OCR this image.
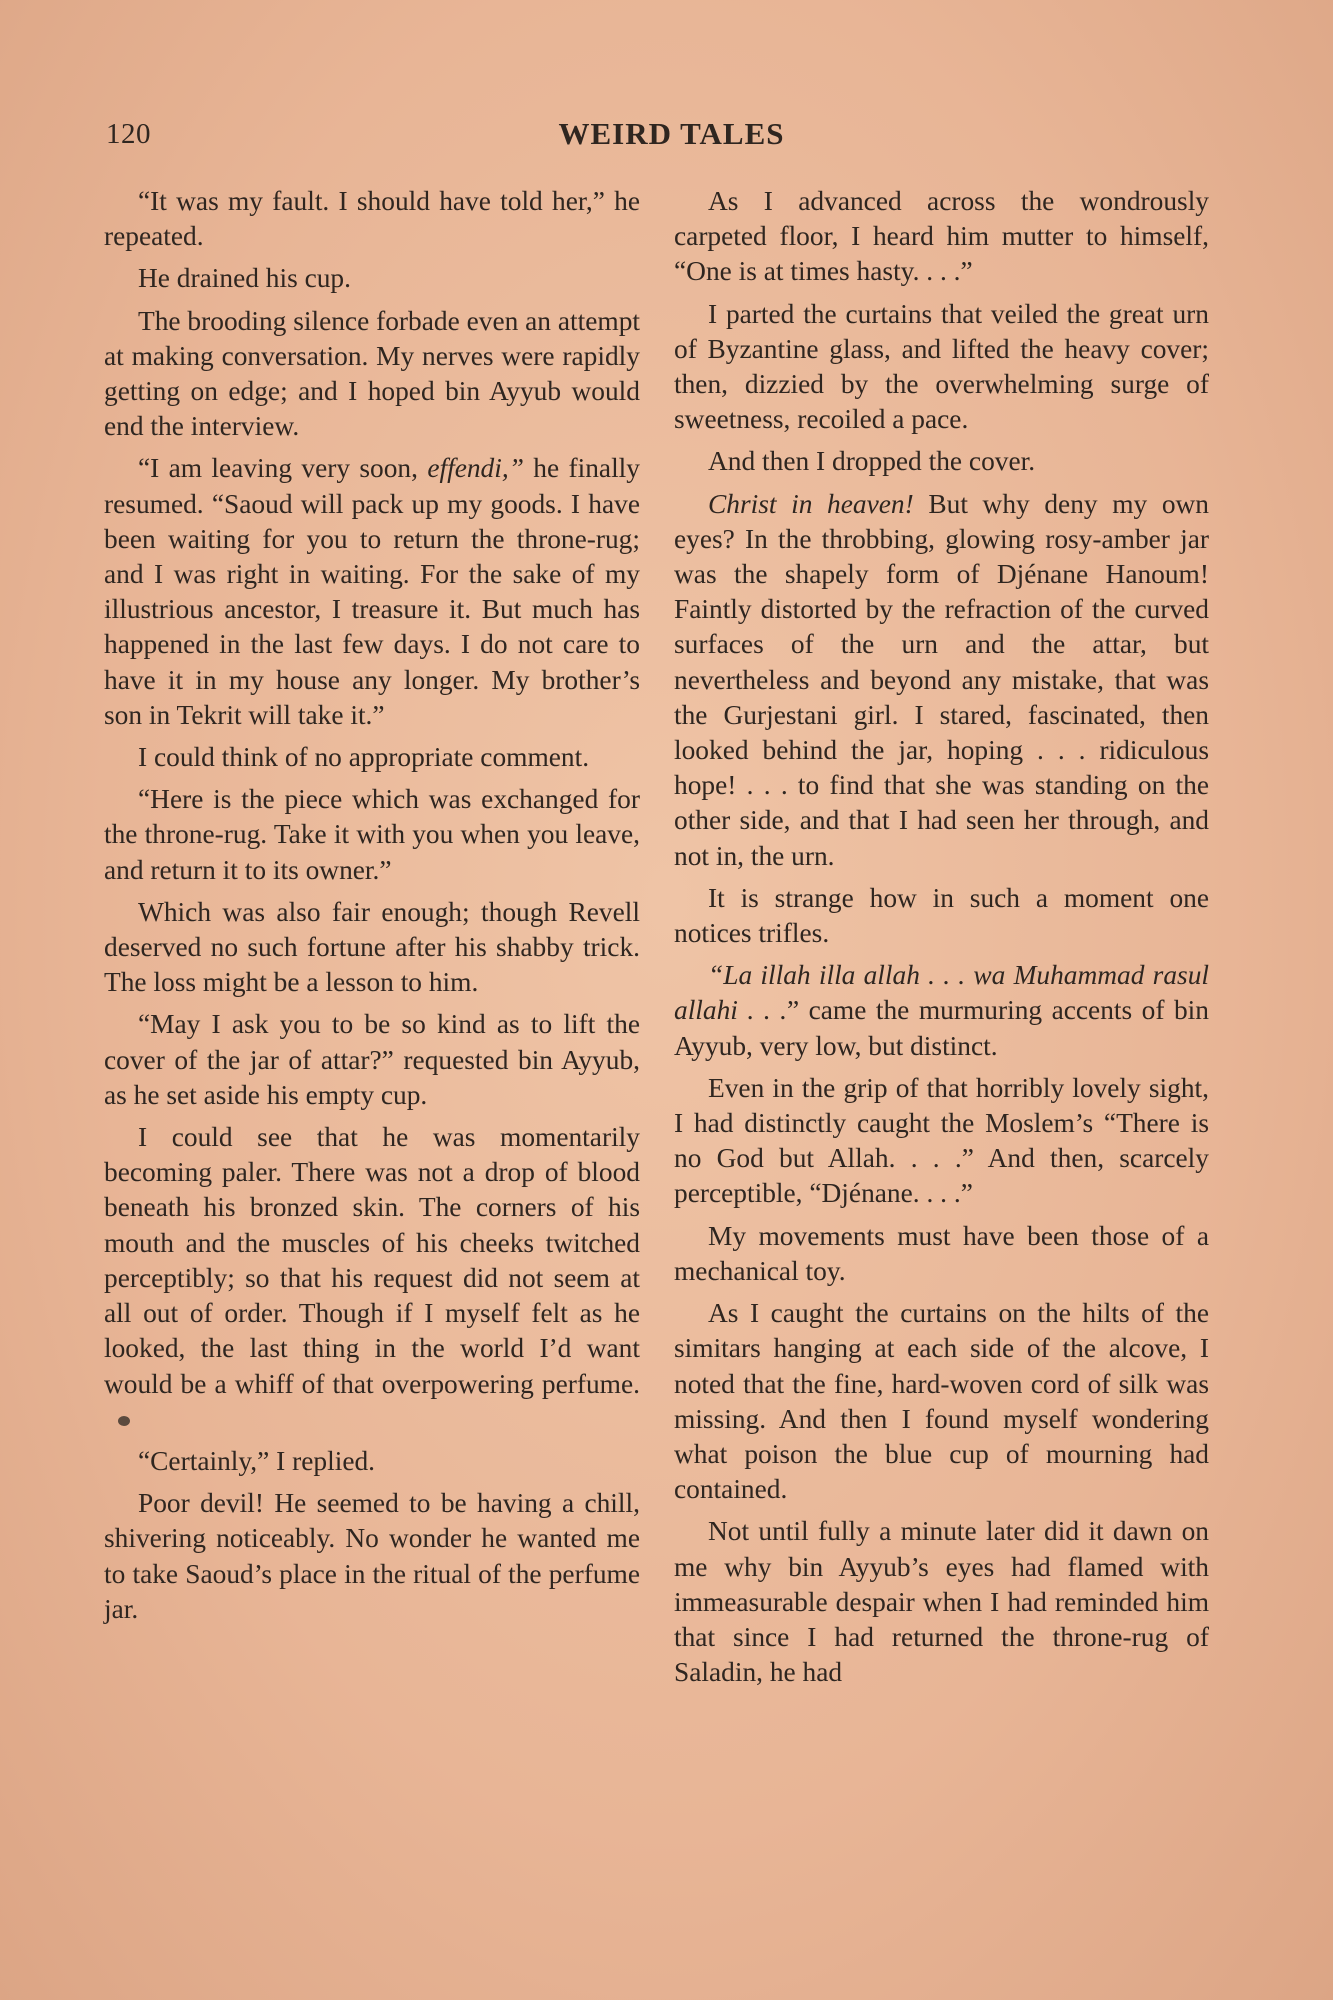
120	WEIRD TALES

“It was my fault. I should have told her,” he repeated.

He drained his cup.

The brooding silence forbade even an attempt at making conversation. My nerves were rapidly getting on edge; and I hoped bin Ayyub would end the interview.

“I am leaving very soon, effendi,” he finally resumed. “Saoud will pack up my goods. I have been waiting for you to return the throne-rug; and I was right in waiting. For the sake of my illustrious ancestor, I treasure it. But much has happened in the last few days. I do not care to have it in my house any longer. My brother’s son in Tekrit will take it.”

I could think of no appropriate comment.

“Here is the piece which was exchanged for the throne-rug. Take it with you when you leave, and return it to its owner.”

Which was also fair enough; though Revell deserved no such fortune after his shabby trick. The loss might be a lesson to him.

“May I ask you to be so kind as to lift the cover of the jar of attar?” requested bin Ayyub, as he set aside his empty cup.

I could see that he was momentarily becoming paler. There was not a drop of blood beneath his bronzed skin. The corners of his mouth and the muscles of his cheeks twitched perceptibly; so that his request did not seem at all out of order. Though if I myself felt as he looked, the last thing in the world I’d want would be a whiff of that overpowering perfume.

“Certainly,” I replied.

Poor devil! He seemed to be having a chill, shivering noticeably. No wonder he wanted me to take Saoud’s place in the ritual of the perfume jar.

As I advanced across the wondrously carpeted floor, I heard him mutter to himself, “One is at times hasty. . . .”

I parted the curtains that veiled the great urn of Byzantine glass, and lifted the heavy cover; then, dizzied by the overwhelming surge of sweetness, recoiled a pace.

And then I dropped the cover.

Christ in heaven! But why deny my own eyes? In the throbbing, glowing rosy-amber jar was the shapely form of Djénane Hanoum! Faintly distorted by the refraction of the curved surfaces of the urn and the attar, but nevertheless and beyond any mistake, that was the Gurjestani girl. I stared, fascinated, then looked behind the jar, hoping . . . ridiculous hope! . . . to find that she was standing on the other side, and that I had seen her through, and not in, the urn.

It is strange how in such a moment one notices trifles.

“La illah illa allah . . . wa Muhammad rasul allahi . . .” came the murmuring accents of bin Ayyub, very low, but distinct.

Even in the grip of that horribly lovely sight, I had distinctly caught the Moslem’s “There is no God but Allah. . . .” And then, scarcely perceptible, “Djénane. . . .”

My movements must have been those of a mechanical toy.

As I caught the curtains on the hilts of the simitars hanging at each side of the alcove, I noted that the fine, hard-woven cord of silk was missing. And then I found myself wondering what poison the blue cup of mourning had contained.

Not until fully a minute later did it dawn on me why bin Ayyub’s eyes had flamed with immeasurable despair when I had reminded him that since I had returned the throne-rug of Saladin, he had
